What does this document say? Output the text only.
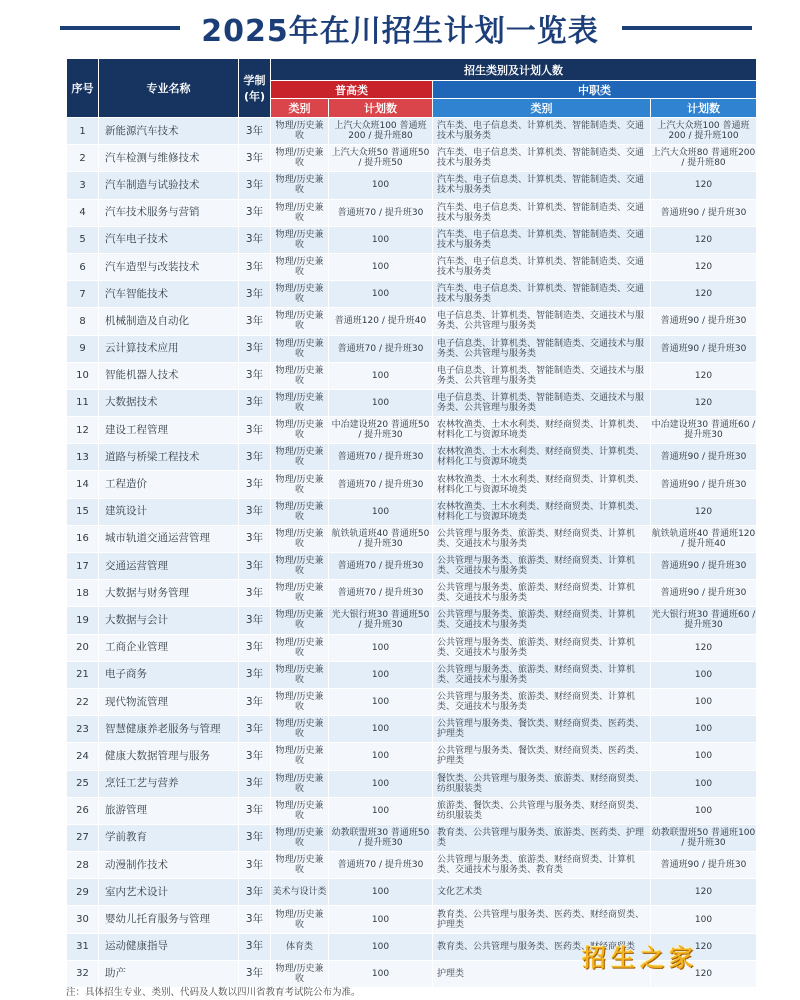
2025年在川招生计划一览表
序号	专业名称	学制(年)	招生类别及计划人数			
			普高类		中职类	
			类别	计划数	类别	计划数
1	新能源汽车技术	3年	物理/历史兼收	上汽大众班100 普通班200 / 提升班80	汽车类、电子信息类、计算机类、智能制造类、交通技术与服务类	上汽大众班100 普通班200 / 提升班100
2	汽车检测与维修技术	3年	物理/历史兼收	上汽大众班50 普通班50 / 提升班50	汽车类、电子信息类、计算机类、智能制造类、交通技术与服务类	上汽大众班80 普通班200 / 提升班80
3	汽车制造与试验技术	3年	物理/历史兼收	100	汽车类、电子信息类、计算机类、智能制造类、交通技术与服务类	120
4	汽车技术服务与营销	3年	物理/历史兼收	普通班70 / 提升班30	汽车类、电子信息类、计算机类、智能制造类、交通技术与服务类	普通班90 / 提升班30
5	汽车电子技术	3年	物理/历史兼收	100	汽车类、电子信息类、计算机类、智能制造类、交通技术与服务类	120
6	汽车造型与改装技术	3年	物理/历史兼收	100	汽车类、电子信息类、计算机类、智能制造类、交通技术与服务类	120
7	汽车智能技术	3年	物理/历史兼收	100	汽车类、电子信息类、计算机类、智能制造类、交通技术与服务类	120
8	机械制造及自动化	3年	物理/历史兼收	普通班120 / 提升班40	电子信息类、计算机类、智能制造类、交通技术与服务类、公共管理与服务类	普通班90 / 提升班30
9	云计算技术应用	3年	物理/历史兼收	普通班70 / 提升班30	电子信息类、计算机类、智能制造类、交通技术与服务类、公共管理与服务类	普通班90 / 提升班30
10	智能机器人技术	3年	物理/历史兼收	100	电子信息类、计算机类、智能制造类、交通技术与服务类、公共管理与服务类	120
11	大数据技术	3年	物理/历史兼收	100	电子信息类、计算机类、智能制造类、交通技术与服务类、公共管理与服务类	120
12	建设工程管理	3年	物理/历史兼收	中冶建设班20 普通班50 / 提升班30	农林牧渔类、土木水利类、财经商贸类、计算机类、材料化工与资源环境类	中冶建设班30 普通班60 / 提升班30
13	道路与桥梁工程技术	3年	物理/历史兼收	普通班70 / 提升班30	农林牧渔类、土木水利类、财经商贸类、计算机类、材料化工与资源环境类	普通班90 / 提升班30
14	工程造价	3年	物理/历史兼收	普通班70 / 提升班30	农林牧渔类、土木水利类、财经商贸类、计算机类、材料化工与资源环境类	普通班90 / 提升班30
15	建筑设计	3年	物理/历史兼收	100	农林牧渔类、土木水利类、财经商贸类、计算机类、材料化工与资源环境类	120
16	城市轨道交通运营管理	3年	物理/历史兼收	航铁轨道班40 普通班50 / 提升班30	公共管理与服务类、旅游类、财经商贸类、计算机类、交通技术与服务类	航铁轨道班40 普通班120 / 提升班40
17	交通运营管理	3年	物理/历史兼收	普通班70 / 提升班30	公共管理与服务类、旅游类、财经商贸类、计算机类、交通技术与服务类	普通班90 / 提升班30
18	大数据与财务管理	3年	物理/历史兼收	普通班70 / 提升班30	公共管理与服务类、旅游类、财经商贸类、计算机类、交通技术与服务类	普通班90 / 提升班30
19	大数据与会计	3年	物理/历史兼收	光大银行班30 普通班50 / 提升班30	公共管理与服务类、旅游类、财经商贸类、计算机类、交通技术与服务类	光大银行班30 普通班60 / 提升班30
20	工商企业管理	3年	物理/历史兼收	100	公共管理与服务类、旅游类、财经商贸类、计算机类、交通技术与服务类	120
21	电子商务	3年	物理/历史兼收	100	公共管理与服务类、旅游类、财经商贸类、计算机类、交通技术与服务类	100
22	现代物流管理	3年	物理/历史兼收	100	公共管理与服务类、旅游类、财经商贸类、计算机类、交通技术与服务类	100
23	智慧健康养老服务与管理	3年	物理/历史兼收	100	公共管理与服务类、餐饮类、财经商贸类、医药类、护理类	100
24	健康大数据管理与服务	3年	物理/历史兼收	100	公共管理与服务类、餐饮类、财经商贸类、医药类、护理类	100
25	烹饪工艺与营养	3年	物理/历史兼收	100	餐饮类、公共管理与服务类、旅游类、财经商贸类、纺织服装类	100
26	旅游管理	3年	物理/历史兼收	100	旅游类、餐饮类、公共管理与服务类、财经商贸类、纺织服装类	100
27	学前教育	3年	物理/历史兼收	幼教联盟班30 普通班50 / 提升班30	教育类、公共管理与服务类、旅游类、医药类、护理类	幼教联盟班50 普通班100 / 提升班30
28	动漫制作技术	3年	物理/历史兼收	普通班70 / 提升班30	公共管理与服务类、旅游类、财经商贸类、计算机类、交通技术与服务类、教育类	普通班90 / 提升班30
29	室内艺术设计	3年	美术与设计类	100	文化艺术类	120
30	婴幼儿托育服务与管理	3年	物理/历史兼收	100	教育类、公共管理与服务类、医药类、财经商贸类、护理类	100
31	运动健康指导	3年	体育类	100	教育类、公共管理与服务类、医药类、财经商贸类	120
32	助产	3年	物理/历史兼收	100	护理类	120
注：具体招生专业、类别、代码及人数以四川省教育考试院公布为准。
招生之家
